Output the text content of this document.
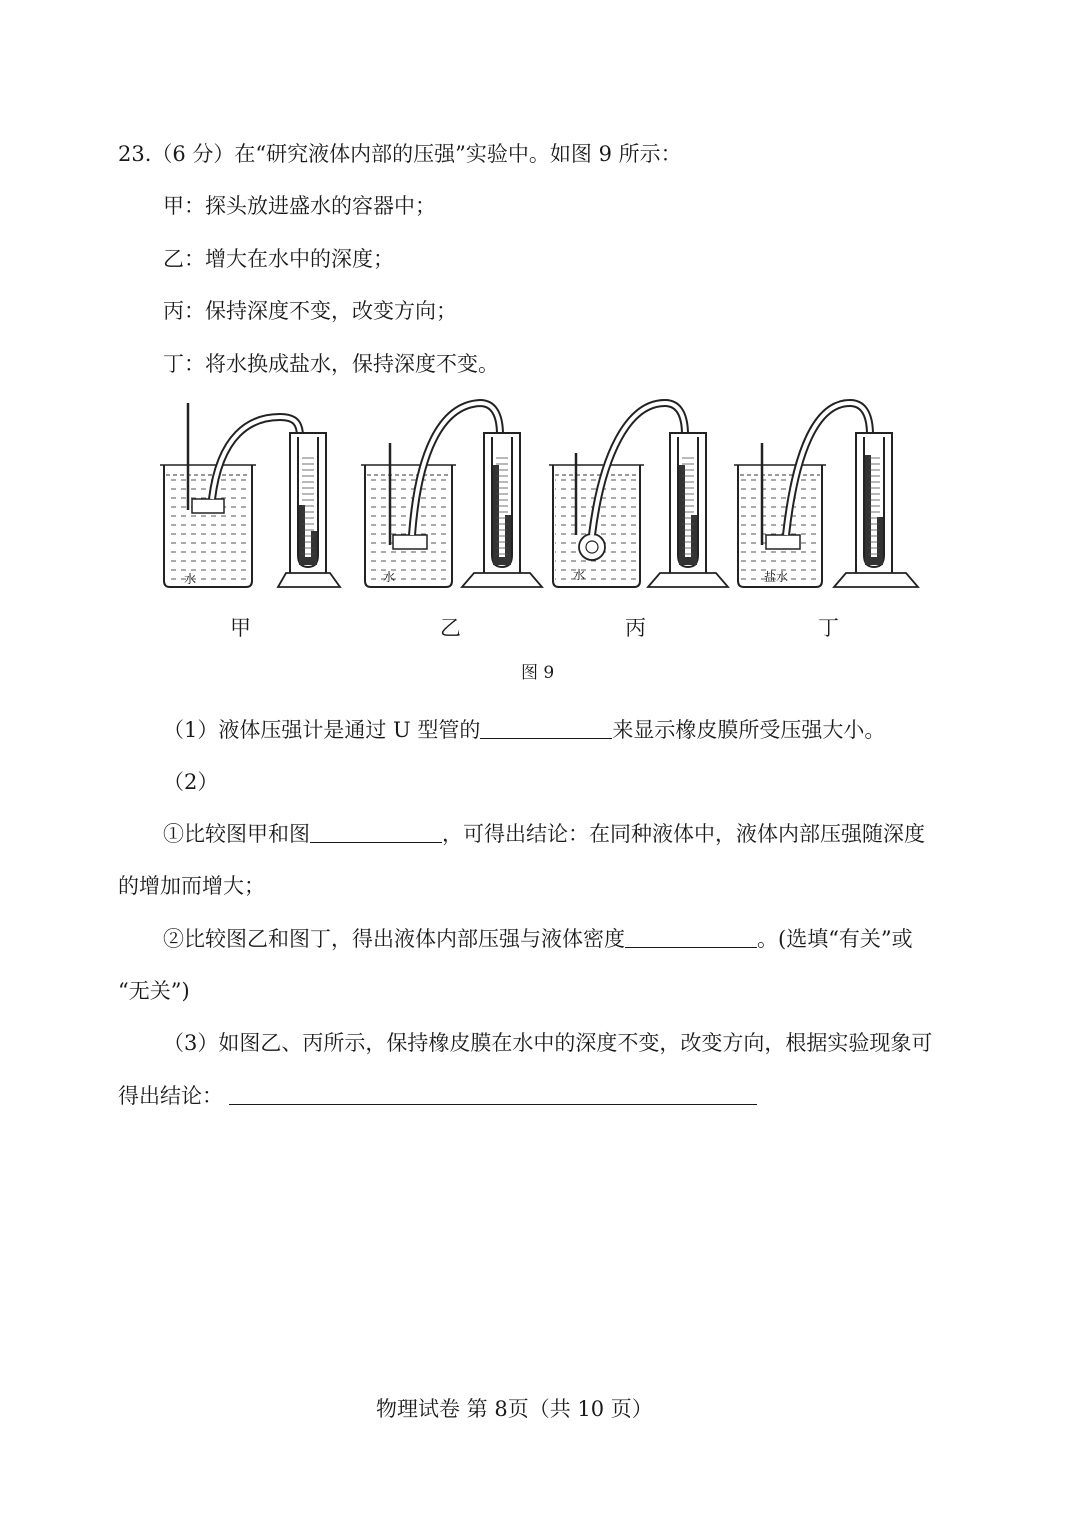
23.（6 分）在“研究液体内部的压强”实验中。如图 9 所示：
甲：探头放进盛水的容器中；
乙：增大在水中的深度；
丙：保持深度不变，改变方向；
丁：将水换成盐水，保持深度不变。
水	水	水	盐水
甲	乙	丙	丁
图 9
（1）液体压强计是通过 U 型管的	来显示橡皮膜所受压强大小。
（2）
①比较图甲和图	，可得出结论：在同种液体中，液体内部压强随深度
的增加而增大；
②比较图乙和图丁，得出液体内部压强与液体密度	。(选填“有关”或
“无关”)
（3）如图乙、丙所示，保持橡皮膜在水中的深度不变，改变方向，根据实验现象可
得出结论：
物理试卷 第 8页（共 10 页）
